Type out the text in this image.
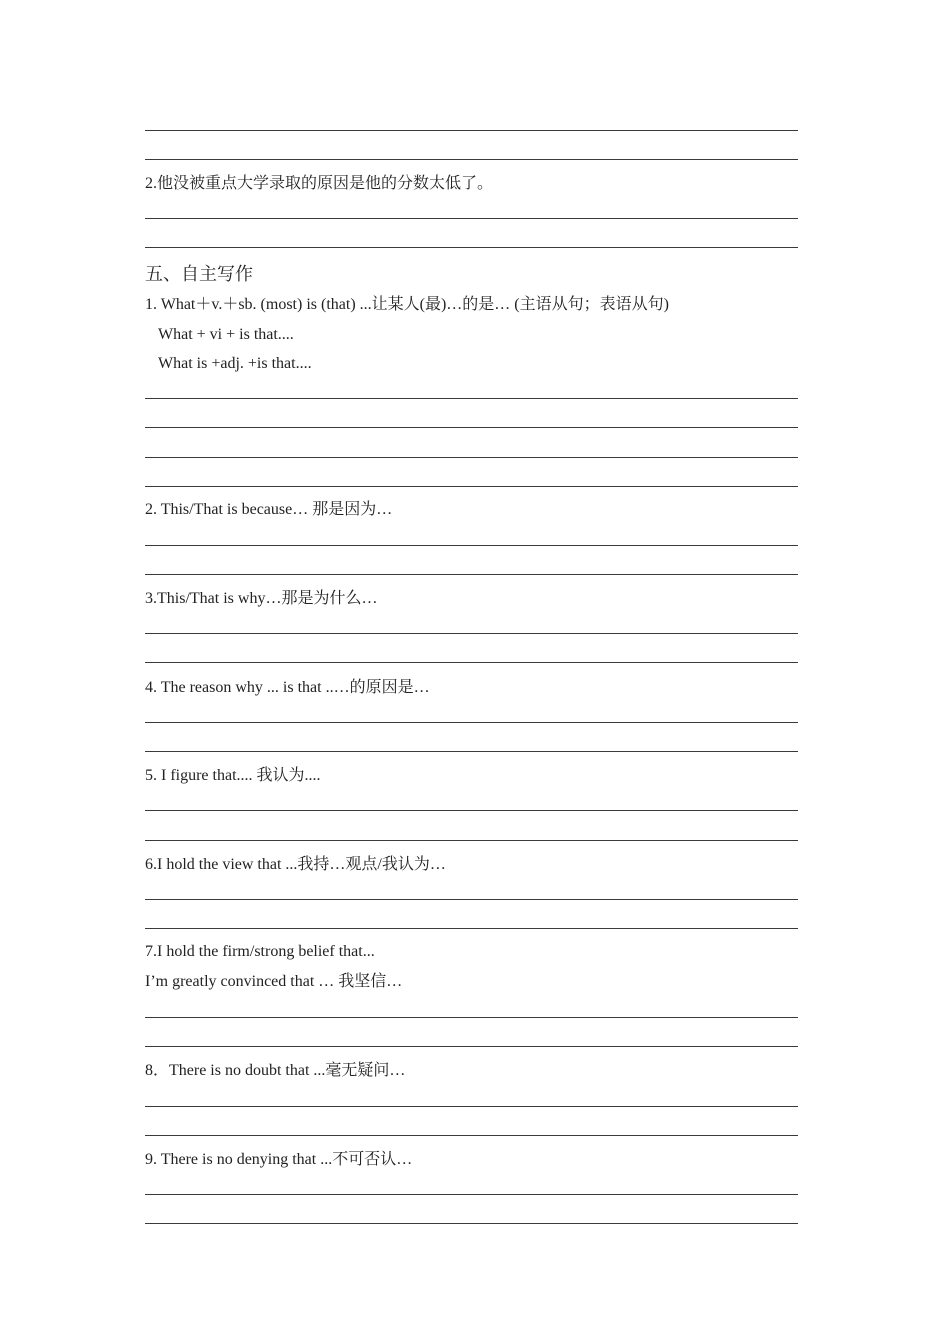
2.他没被重点大学录取的原因是他的分数太低了。
五、自主写作
1. What＋v.＋sb. (most) is (that) ...让某人(最)…的是… (主语从句；表语从句)
What + vi + is that....
What is +adj. +is that....
2. This/That is because… 那是因为…
3.This/That is why…那是为什么…
4. The reason why ... is that ..…的原因是…
5. I figure that.... 我认为....
6.I hold the view that ...我持…观点/我认为…
7.I hold the firm/strong belief that...
I’m greatly convinced that … 我坚信…
8．There is no doubt that ...毫无疑问…
9. There is no denying that ...不可否认…
